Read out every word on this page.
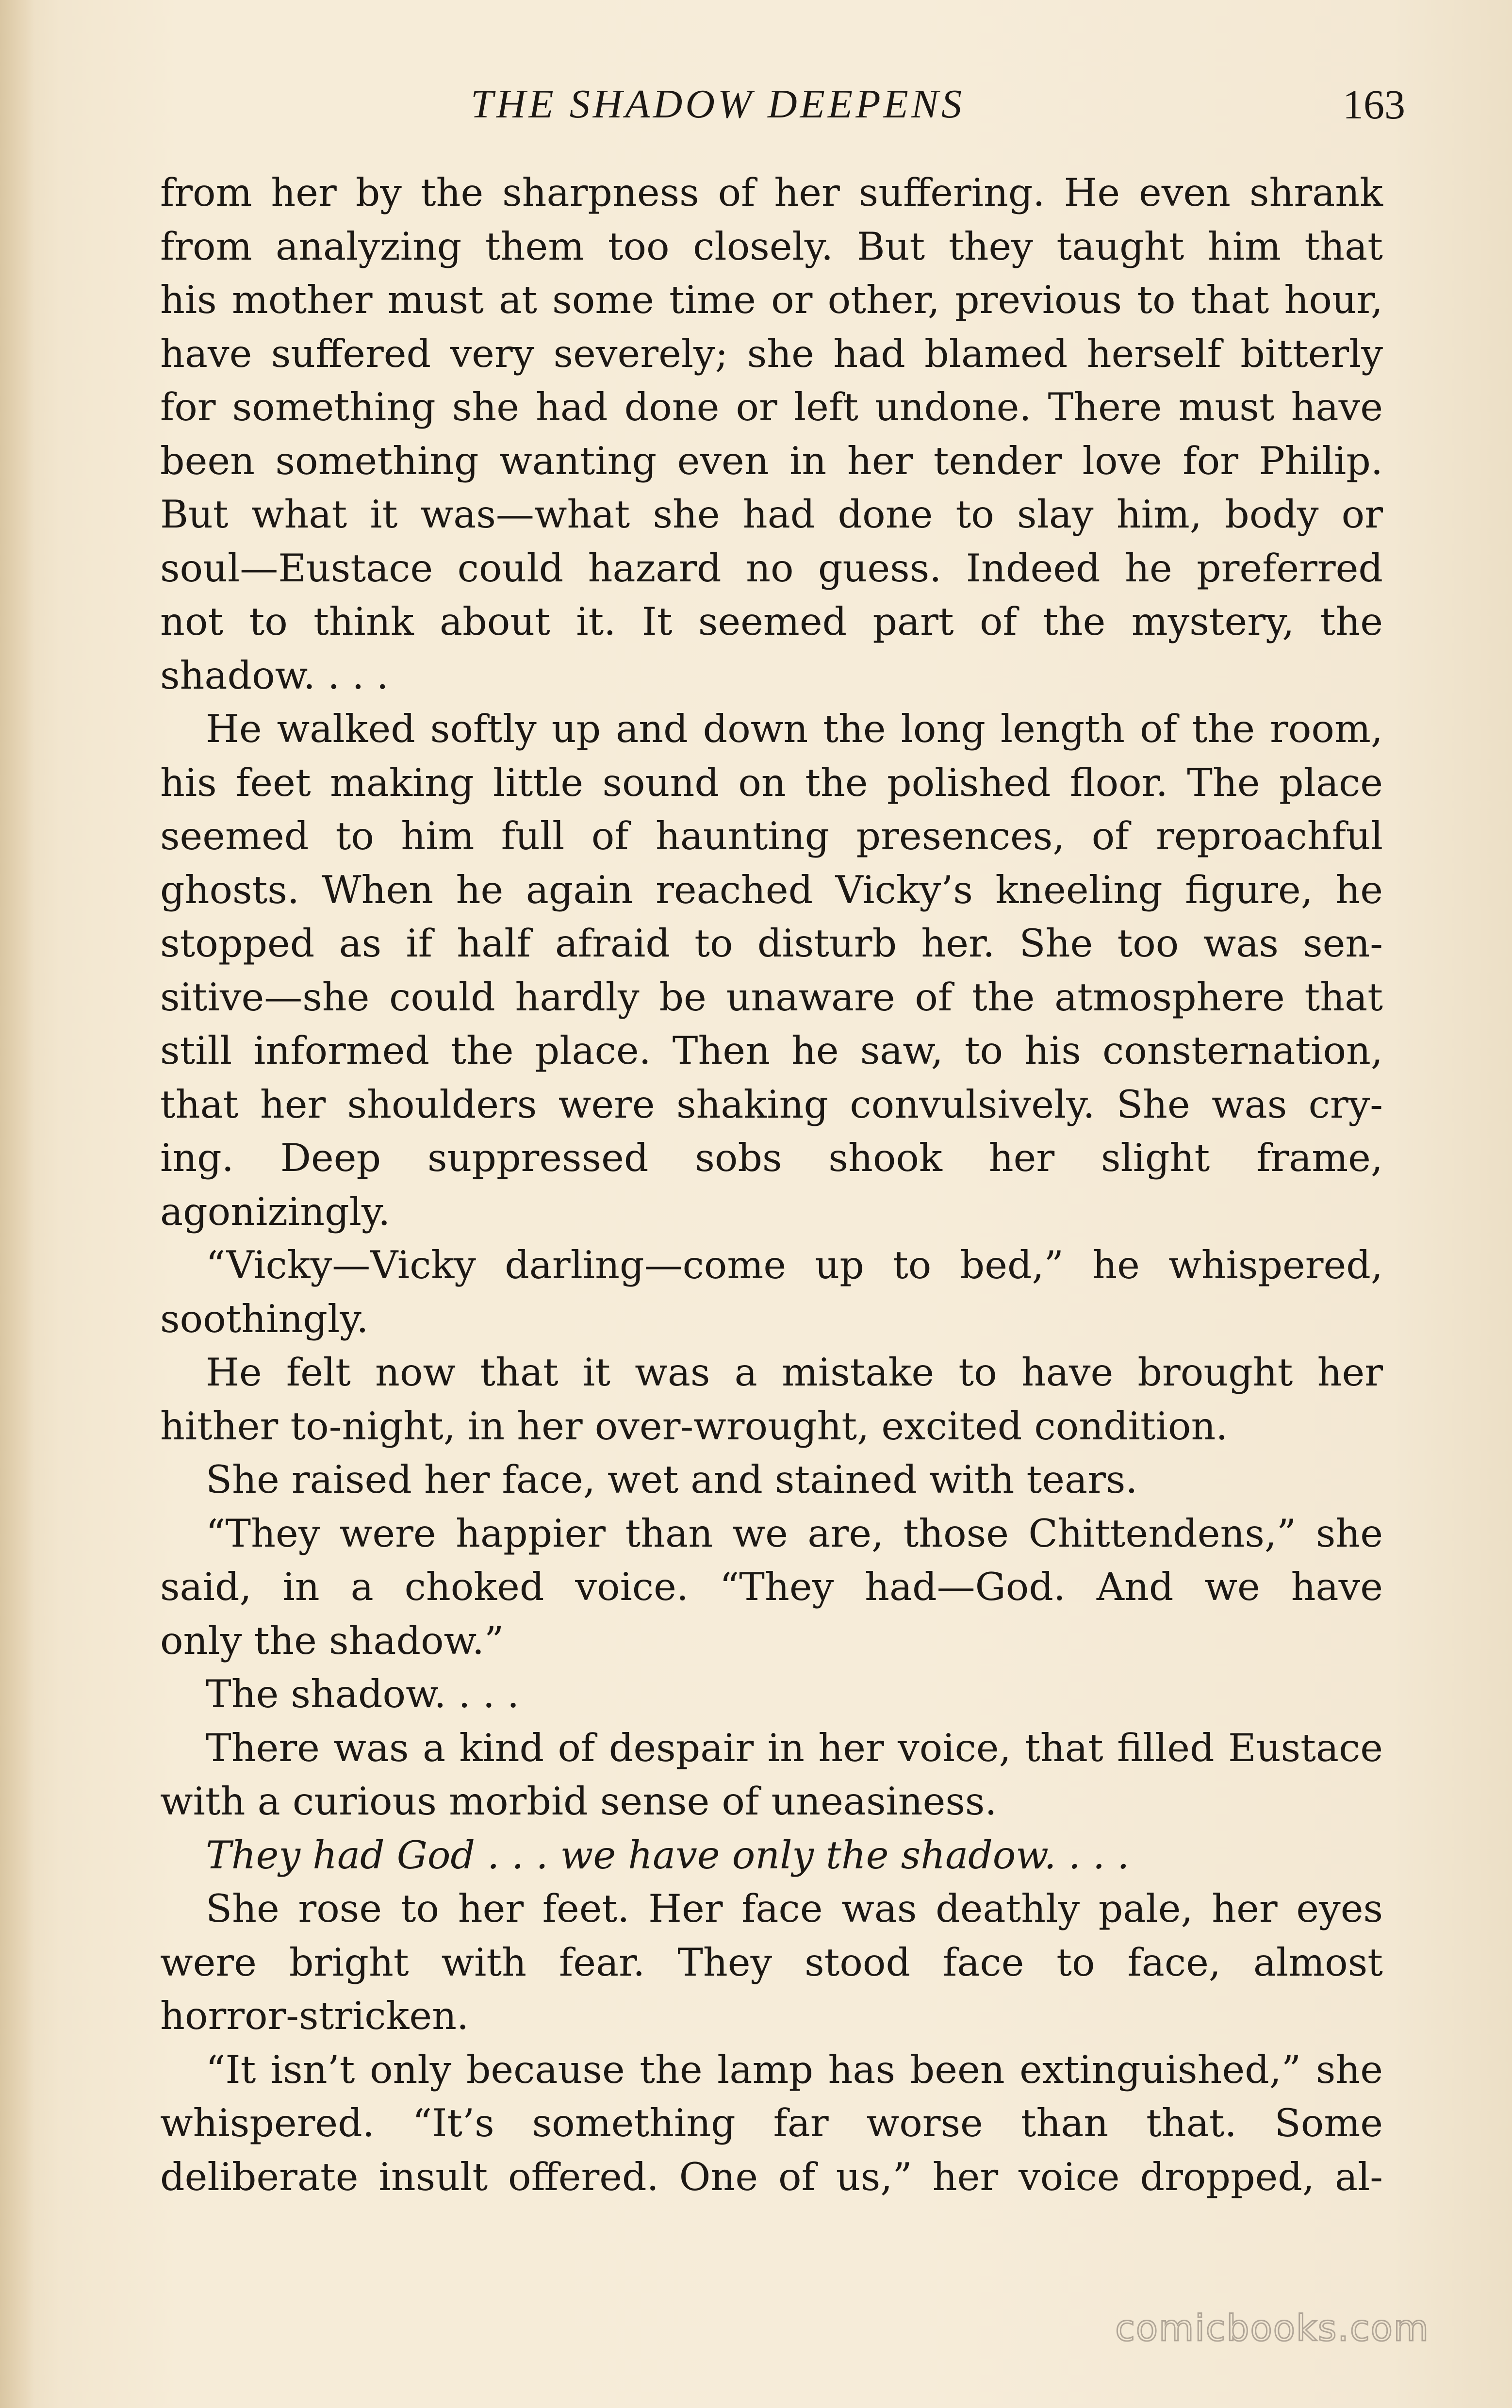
THE SHADOW DEEPENS	163
from her by the sharpness of her suffering. He even shrank
from analyzing them too closely. But they taught him that
his mother must at some time or other, previous to that hour,
have suffered very severely; she had blamed herself bitterly
for something she had done or left undone. There must have
been something wanting even in her tender love for Philip.
But what it was—what she had done to slay him, body or
soul—Eustace could hazard no guess. Indeed he preferred
not to think about it. It seemed part of the mystery, the
shadow. . . .
He walked softly up and down the long length of the room,
his feet making little sound on the polished floor. The place
seemed to him full of haunting presences, of reproachful
ghosts. When he again reached Vicky’s kneeling figure, he
stopped as if half afraid to disturb her. She too was sen-
sitive—she could hardly be unaware of the atmosphere that
still informed the place. Then he saw, to his consternation,
that her shoulders were shaking convulsively. She was cry-
ing. Deep suppressed sobs shook her slight frame,
agonizingly.
“Vicky—Vicky darling—come up to bed,” he whispered,
soothingly.
He felt now that it was a mistake to have brought her
hither to-night, in her over-wrought, excited condition.
She raised her face, wet and stained with tears.
“They were happier than we are, those Chittendens,” she
said, in a choked voice. “They had—God. And we have
only the shadow.”
The shadow. . . .
There was a kind of despair in her voice, that filled Eustace
with a curious morbid sense of uneasiness.
They had God . . . we have only the shadow. . . .
She rose to her feet. Her face was deathly pale, her eyes
were bright with fear. They stood face to face, almost
horror-stricken.
“It isn’t only because the lamp has been extinguished,” she
whispered. “It’s something far worse than that. Some
deliberate insult offered. One of us,” her voice dropped, al-
comicbooks.com
